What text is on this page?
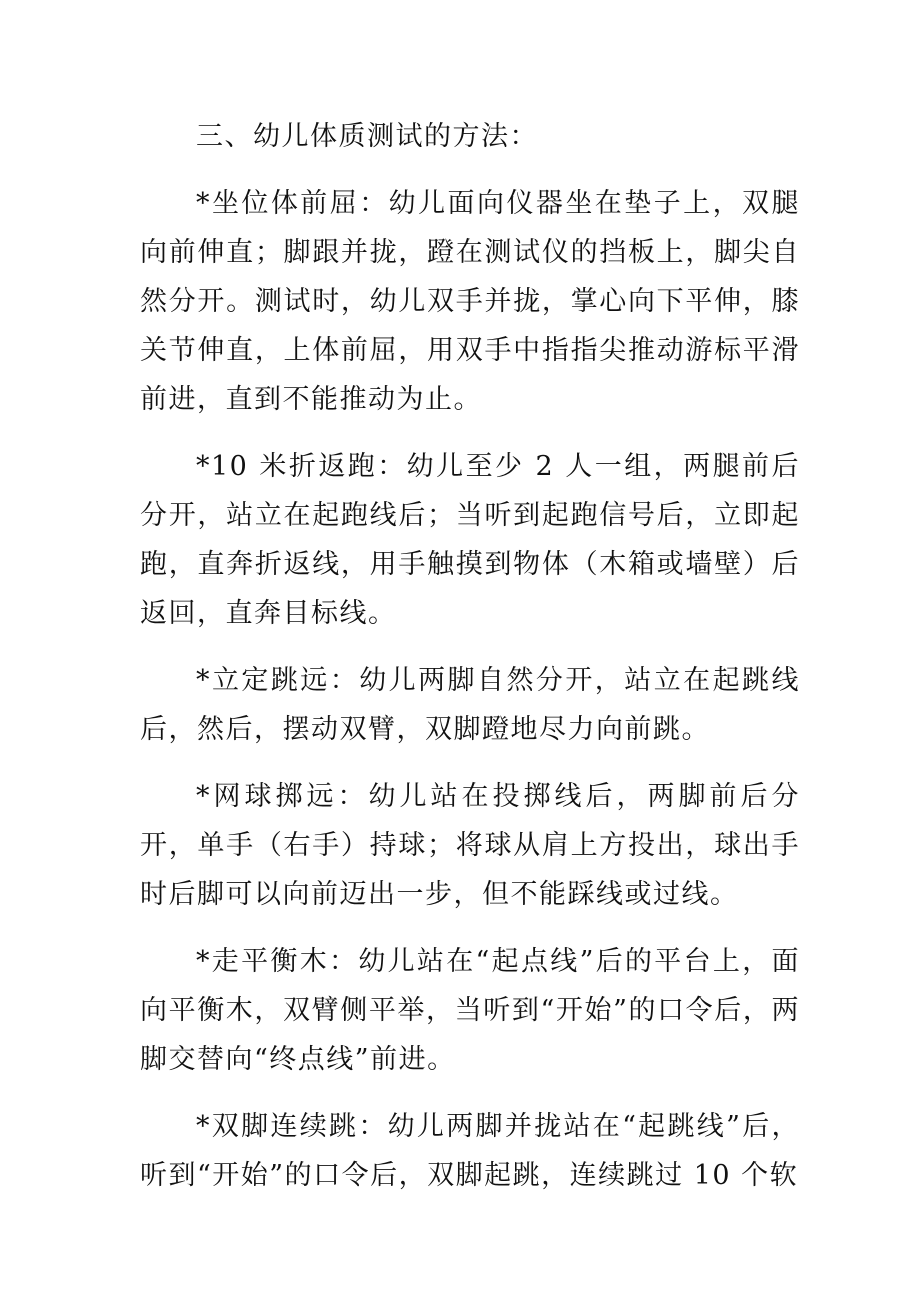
三、幼儿体质测试的方法：

*坐位体前屈：幼儿面向仪器坐在垫子上，双腿向前伸直；脚跟并拢，蹬在测试仪的挡板上，脚尖自然分开。测试时，幼儿双手并拢，掌心向下平伸，膝关节伸直，上体前屈，用双手中指指尖推动游标平滑前进，直到不能推动为止。

*10 米折返跑：幼儿至少 2 人一组，两腿前后分开，站立在起跑线后；当听到起跑信号后，立即起跑，直奔折返线，用手触摸到物体（木箱或墙壁）后返回，直奔目标线。

*立定跳远：幼儿两脚自然分开，站立在起跳线后，然后，摆动双臂，双脚蹬地尽力向前跳。

*网球掷远：幼儿站在投掷线后，两脚前后分开，单手（右手）持球；将球从肩上方投出，球出手时后脚可以向前迈出一步，但不能踩线或过线。

*走平衡木：幼儿站在“起点线”后的平台上，面向平衡木，双臂侧平举，当听到“开始”的口令后，两脚交替向“终点线”前进。

*双脚连续跳：幼儿两脚并拢站在“起跳线”后，听到“开始”的口令后，双脚起跳，连续跳过 10 个软
